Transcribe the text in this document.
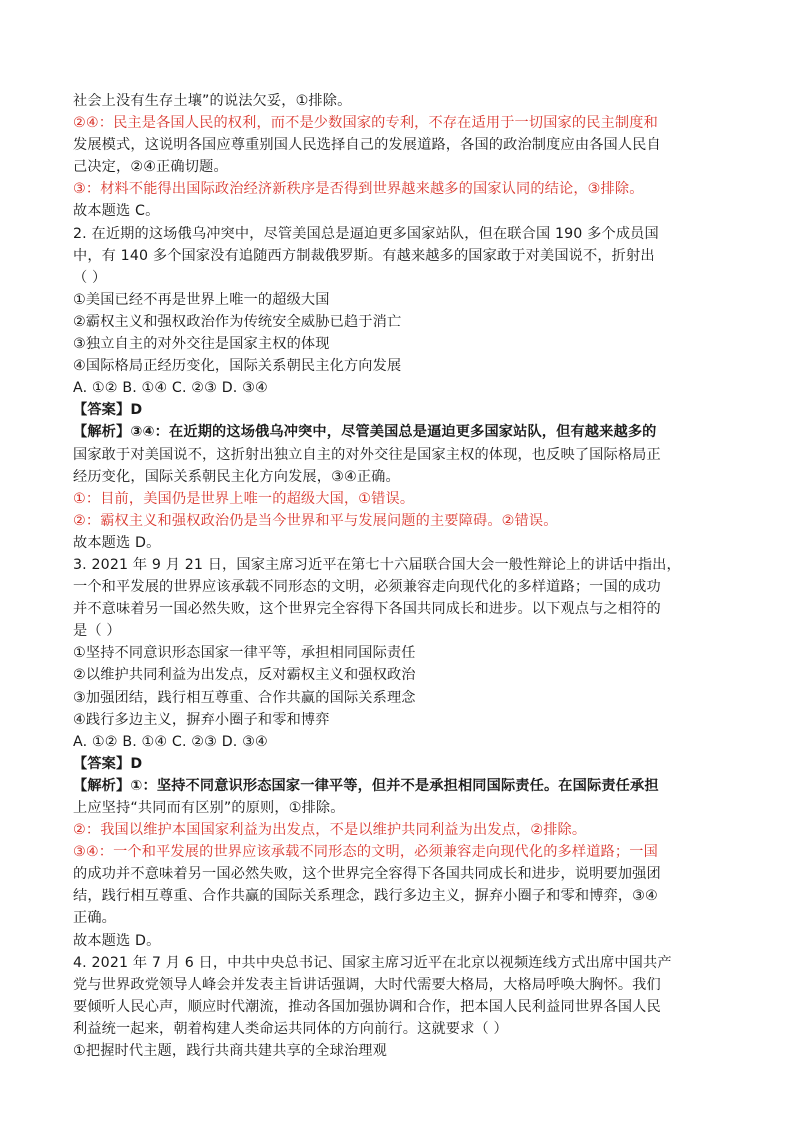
社会上没有生存土壤”的说法欠妥，①排除。
②④：民主是各国人民的权利，而不是少数国家的专利，不存在适用于一切国家的民主制度和
发展模式，这说明各国应尊重别国人民选择自己的发展道路，各国的政治制度应由各国人民自
己决定，②④正确切题。
③：材料不能得出国际政治经济新秩序是否得到世界越来越多的国家认同的结论，③排除。
故本题选 C。
2. 在近期的这场俄乌冲突中，尽管美国总是逼迫更多国家站队，但在联合国 190 多个成员国
中，有 140 多个国家没有追随西方制裁俄罗斯。有越来越多的国家敢于对美国说不，折射出
（ ）
①美国已经不再是世界上唯一的超级大国
②霸权主义和强权政治作为传统安全威胁已趋于消亡
③独立自主的对外交往是国家主权的体现
④国际格局正经历变化，国际关系朝民主化方向发展
A. ①② B. ①④ C. ②③ D. ③④
【答案】D
【解析】③④：在近期的这场俄乌冲突中，尽管美国总是逼迫更多国家站队，但有越来越多的
国家敢于对美国说不，这折射出独立自主的对外交往是国家主权的体现，也反映了国际格局正
经历变化，国际关系朝民主化方向发展，③④正确。
①：目前，美国仍是世界上唯一的超级大国，①错误。
②：霸权主义和强权政治仍是当今世界和平与发展问题的主要障碍。②错误。
故本题选 D。
3. 2021 年 9 月 21 日，国家主席习近平在第七十六届联合国大会一般性辩论上的讲话中指出，
一个和平发展的世界应该承载不同形态的文明，必须兼容走向现代化的多样道路；一国的成功
并不意味着另一国必然失败，这个世界完全容得下各国共同成长和进步。以下观点与之相符的
是（ ）
①坚持不同意识形态国家一律平等，承担相同国际责任
②以维护共同利益为出发点，反对霸权主义和强权政治
③加强团结，践行相互尊重、合作共赢的国际关系理念
④践行多边主义，摒弃小圈子和零和博弈
A. ①② B. ①④ C. ②③ D. ③④
【答案】D
【解析】①：坚持不同意识形态国家一律平等，但并不是承担相同国际责任。在国际责任承担
上应坚持“共同而有区别”的原则，①排除。
②：我国以维护本国国家利益为出发点，不是以维护共同利益为出发点，②排除。
③④：一个和平发展的世界应该承载不同形态的文明，必须兼容走向现代化的多样道路；一国
的成功并不意味着另一国必然失败，这个世界完全容得下各国共同成长和进步，说明要加强团
结，践行相互尊重、合作共赢的国际关系理念，践行多边主义，摒弃小圈子和零和博弈，③④
正确。
故本题选 D。
4. 2021 年 7 月 6 日，中共中央总书记、国家主席习近平在北京以视频连线方式出席中国共产
党与世界政党领导人峰会并发表主旨讲话强调，大时代需要大格局，大格局呼唤大胸怀。我们
要倾听人民心声，顺应时代潮流，推动各国加强协调和合作，把本国人民利益同世界各国人民
利益统一起来，朝着构建人类命运共同体的方向前行。这就要求（ ）
①把握时代主题，践行共商共建共享的全球治理观
